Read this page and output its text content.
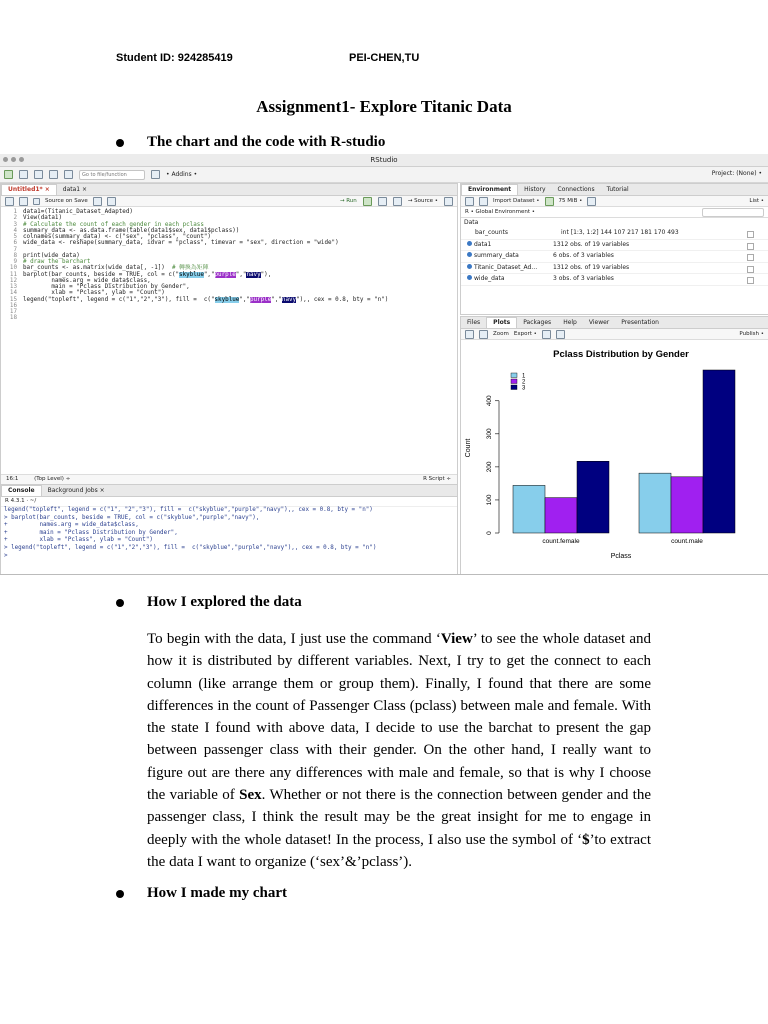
Student ID: 924285419	PEI-CHEN,TU
Assignment1- Explore Titanic Data
The chart and the code with R-studio
RStudio
Go to file/function	• Addins •	Project: (None) •
Untitled1* ×	data1 ×
Source on Save	→ Run	→ Source •
1	data1=(Titanic_Dataset_Adapted)
2	View(data1)
3	# Calculate the count of each gender in each pclass
4	summary_data <- as.data.frame(table(data1$sex, data1$pclass))
5	colnames(summary_data) <- c("sex", "pclass", "count")
6	wide_data <- reshape(summary_data, idvar = "pclass", timevar = "sex", direction = "wide")
7
8	print(wide_data)
9	# draw the barchart
10	bar_counts <- as.matrix(wide_data[, -1])  # 轉換為矩陣
11	barplot(bar_counts, beside = TRUE, col = c("skyblue","purple","navy"),
12	names.arg = wide_data$class,
13	main = "Pclass Distribution by Gender",
14	xlab = "Pclass", ylab = "Count")
15	legend("topleft", legend = c("1","2","3"), fill =  c("skyblue","purple","navy"),, cex = 0.8, bty = "n")
16
17
18
16:1	(Top Level) ÷	R Script ÷
Console	Background Jobs ×
R 4.3.1 · ~/
legend("topleft", legend = c("1", "2","3"), fill =  c("skyblue","purple","navy"),, cex = 0.8, bty = "n")
> barplot(bar_counts, beside = TRUE, col = c("skyblue","purple","navy"),
+         names.arg = wide_data$class,
+         main = "Pclass Distribution by Gender",
+         xlab = "Pclass", ylab = "Count")
> legend("topleft", legend = c("1","2","3"), fill =  c("skyblue","purple","navy"),, cex = 0.8, bty = "n")
>
Environment	History	Connections	Tutorial
Import Dataset •	75 MiB •	List •
R • Global Environment •
Data
bar_counts	int [1:3, 1:2] 144 107 217 181 170 493
data1	1312 obs. of 19 variables
summary_data	6 obs. of 3 variables
Titanic_Dataset_Ad…	1312 obs. of 19 variables
wide_data	3 obs. of 3 variables
Files	Plots	Packages	Help	Viewer	Presentation
Zoom Export •	Publish •
Pclass Distribution by Gender
0
100
200
300
400
Count
count.female	count.male
Pclass
1
2
3
How I explored the data
To begin with the data, I just use the command ‘View’ to see the whole dataset and how it is distributed by different variables. Next, I try to get the connect to each column (like arrange them or group them). Finally, I found that there are some differences in the count of Passenger Class (pclass) between male and female. With the state I found with above data, I decide to use the barchat to present the gap between passenger class with their gender. On the other hand, I really want to figure out are there any differences with male and female, so that is why I choose the variable of Sex. Whether or not there is the connection between gender and the passenger class, I think the result may be the great insight for me to engage in deeply with the whole dataset! In the process, I also use the symbol of ‘$’to extract the data I want to organize (‘sex’&’pclass’).
How I made my chart
